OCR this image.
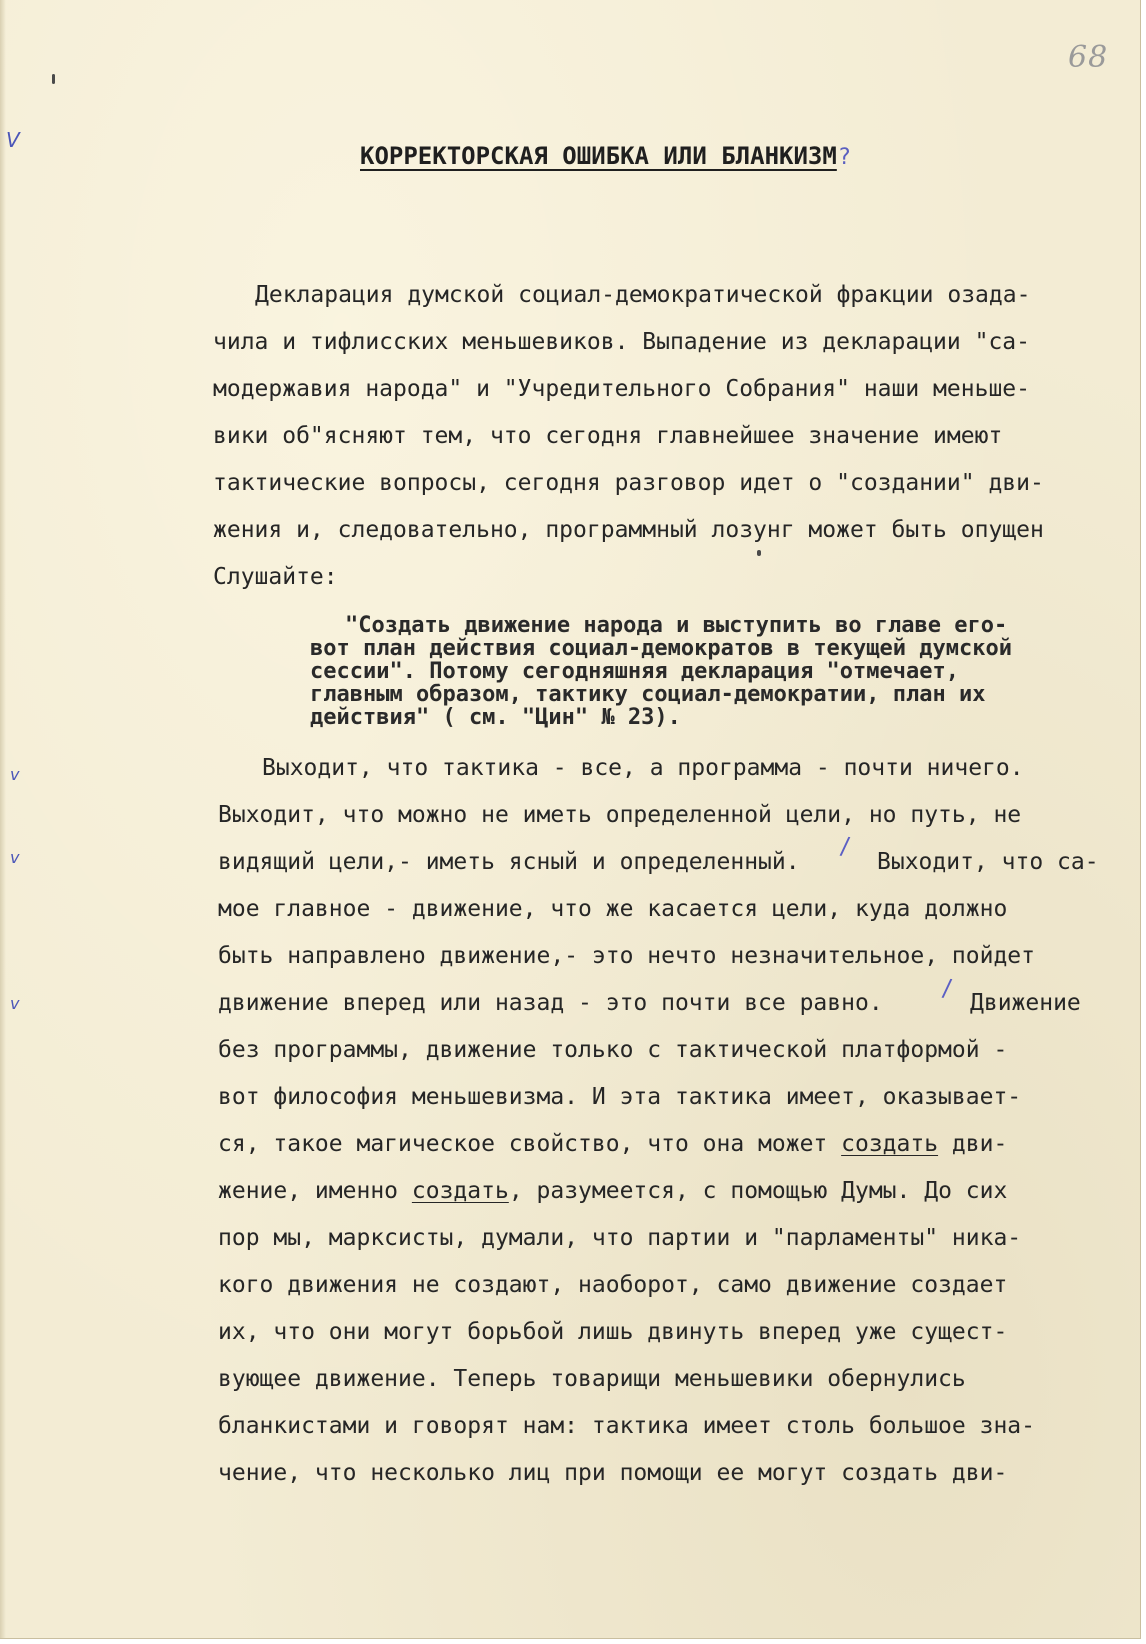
68
V
v
v
v
КОРРЕКТОРСКАЯ ОШИБКА ИЛИ БЛАНКИЗМ?
Декларация думской социал-демократической фракции озада-
чила и тифлисских меньшевиков. Выпадение из декларации "са-
модержавия народа" и "Учредительного Собрания" наши меньше-
вики об"ясняют тем, что сегодня главнейшее значение имеют
тактические вопросы, сегодня разговор идет о "создании" дви-
жения и, следовательно, программный лозунг может быть опущен
Слушайте:
"Создать движение народа и выступить во главе его-
вот план действия социал-демократов в текущей думской
сессии". Потому сегодняшняя декларация "отмечает,
главным образом, тактику социал-демократии, план их
действия" ( см. "Цин" № 23).
Выходит, что тактика - все, а программа - почти ничего.
Выходит, что можно не иметь определенной цели, но путь, не
видящий цели,- иметь ясный и определенный.
/
Выходит, что са-
мое главное - движение, что же касается цели, куда должно
быть направлено движение,- это нечто незначительное, пойдет
движение вперед или назад - это почти все равно.
/
Движение
без программы, движение только с тактической платформой -
вот философия меньшевизма. И эта тактика имеет, оказывает-
ся, такое магическое свойство, что она может создать дви-
жение, именно создать, разумеется, с помощью Думы. До сих
пор мы, марксисты, думали, что партии и "парламенты" ника-
кого движения не создают, наоборот, само движение создает
их, что они могут борьбой лишь двинуть вперед уже сущест-
вующее движение. Теперь товарищи меньшевики обернулись
бланкистами и говорят нам: тактика имеет столь большое зна-
чение, что несколько лиц при помощи ее могут создать дви-
